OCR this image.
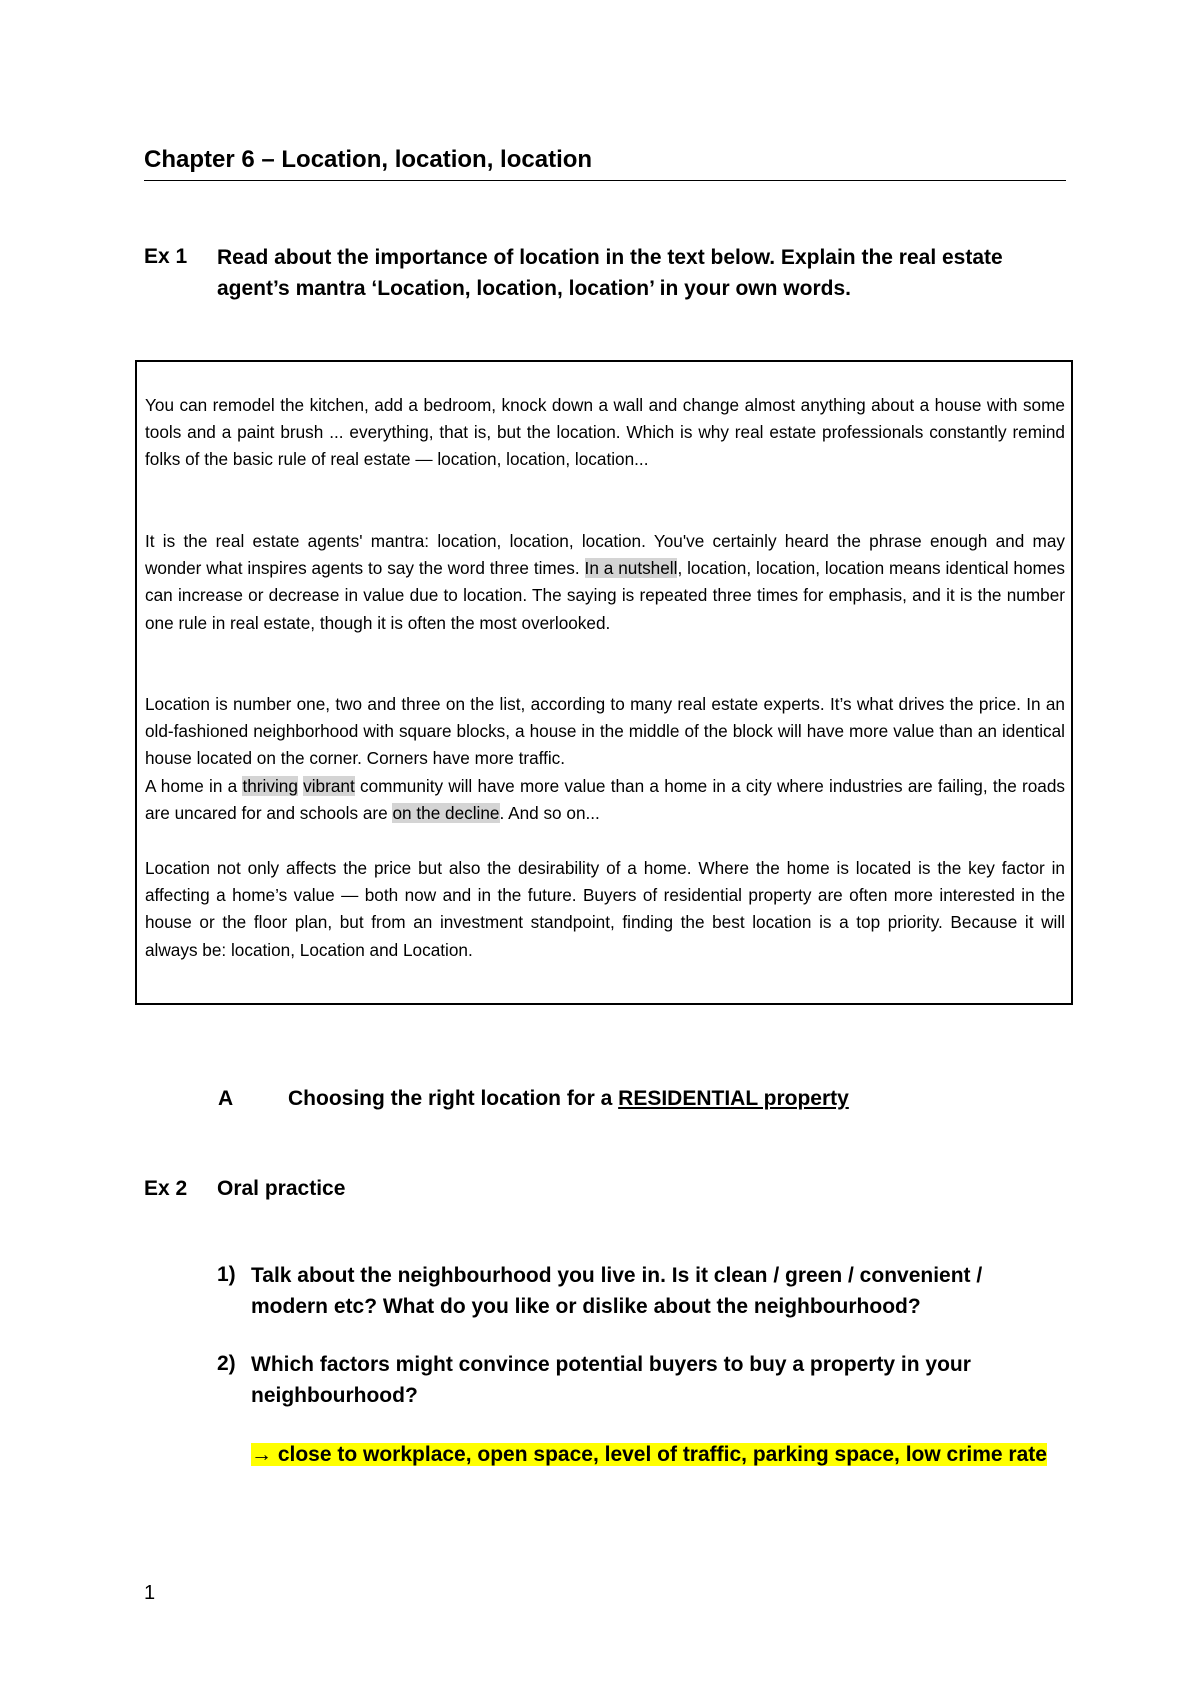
Chapter 6 – Location, location, location
Ex 1 Read about the importance of location in the text below. Explain the real estate
agent’s mantra ‘Location, location, location’ in your own words.
You can remodel the kitchen, add a bedroom, knock down a wall and change almost anything about a house with some tools and a paint brush ... everything, that is, but the location. Which is why real estate professionals constantly remind folks of the basic rule of real estate — location, location, location...
It is the real estate agents' mantra: location, location, location. You've certainly heard the phrase enough and may wonder what inspires agents to say the word three times. In a nutshell, location, location, location means identical homes can increase or decrease in value due to location. The saying is repeated three times for emphasis, and it is the number one rule in real estate, though it is often the most overlooked.
Location is number one, two and three on the list, according to many real estate experts. It’s what drives the price. In an old-fashioned neighborhood with square blocks, a house in the middle of the block will have more value than an identical house located on the corner. Corners have more traffic.
A home in a thriving vibrant community will have more value than a home in a city where industries are failing, the roads are uncared for and schools are on the decline. And so on...
Location not only affects the price but also the desirability of a home. Where the home is located is the key factor in affecting a home’s value — both now and in the future. Buyers of residential property are often more interested in the house or the floor plan, but from an investment standpoint, finding the best location is a top priority. Because it will always be: location, Location and Location.
A	Choosing the right location for a RESIDENTIAL property
Ex 2 Oral practice
1) Talk about the neighbourhood you live in. Is it clean / green / convenient /
modern etc? What do you like or dislike about the neighbourhood?
2) Which factors might convince potential buyers to buy a property in your
neighbourhood?
→ close to workplace, open space, level of traffic, parking space, low crime rate
1
